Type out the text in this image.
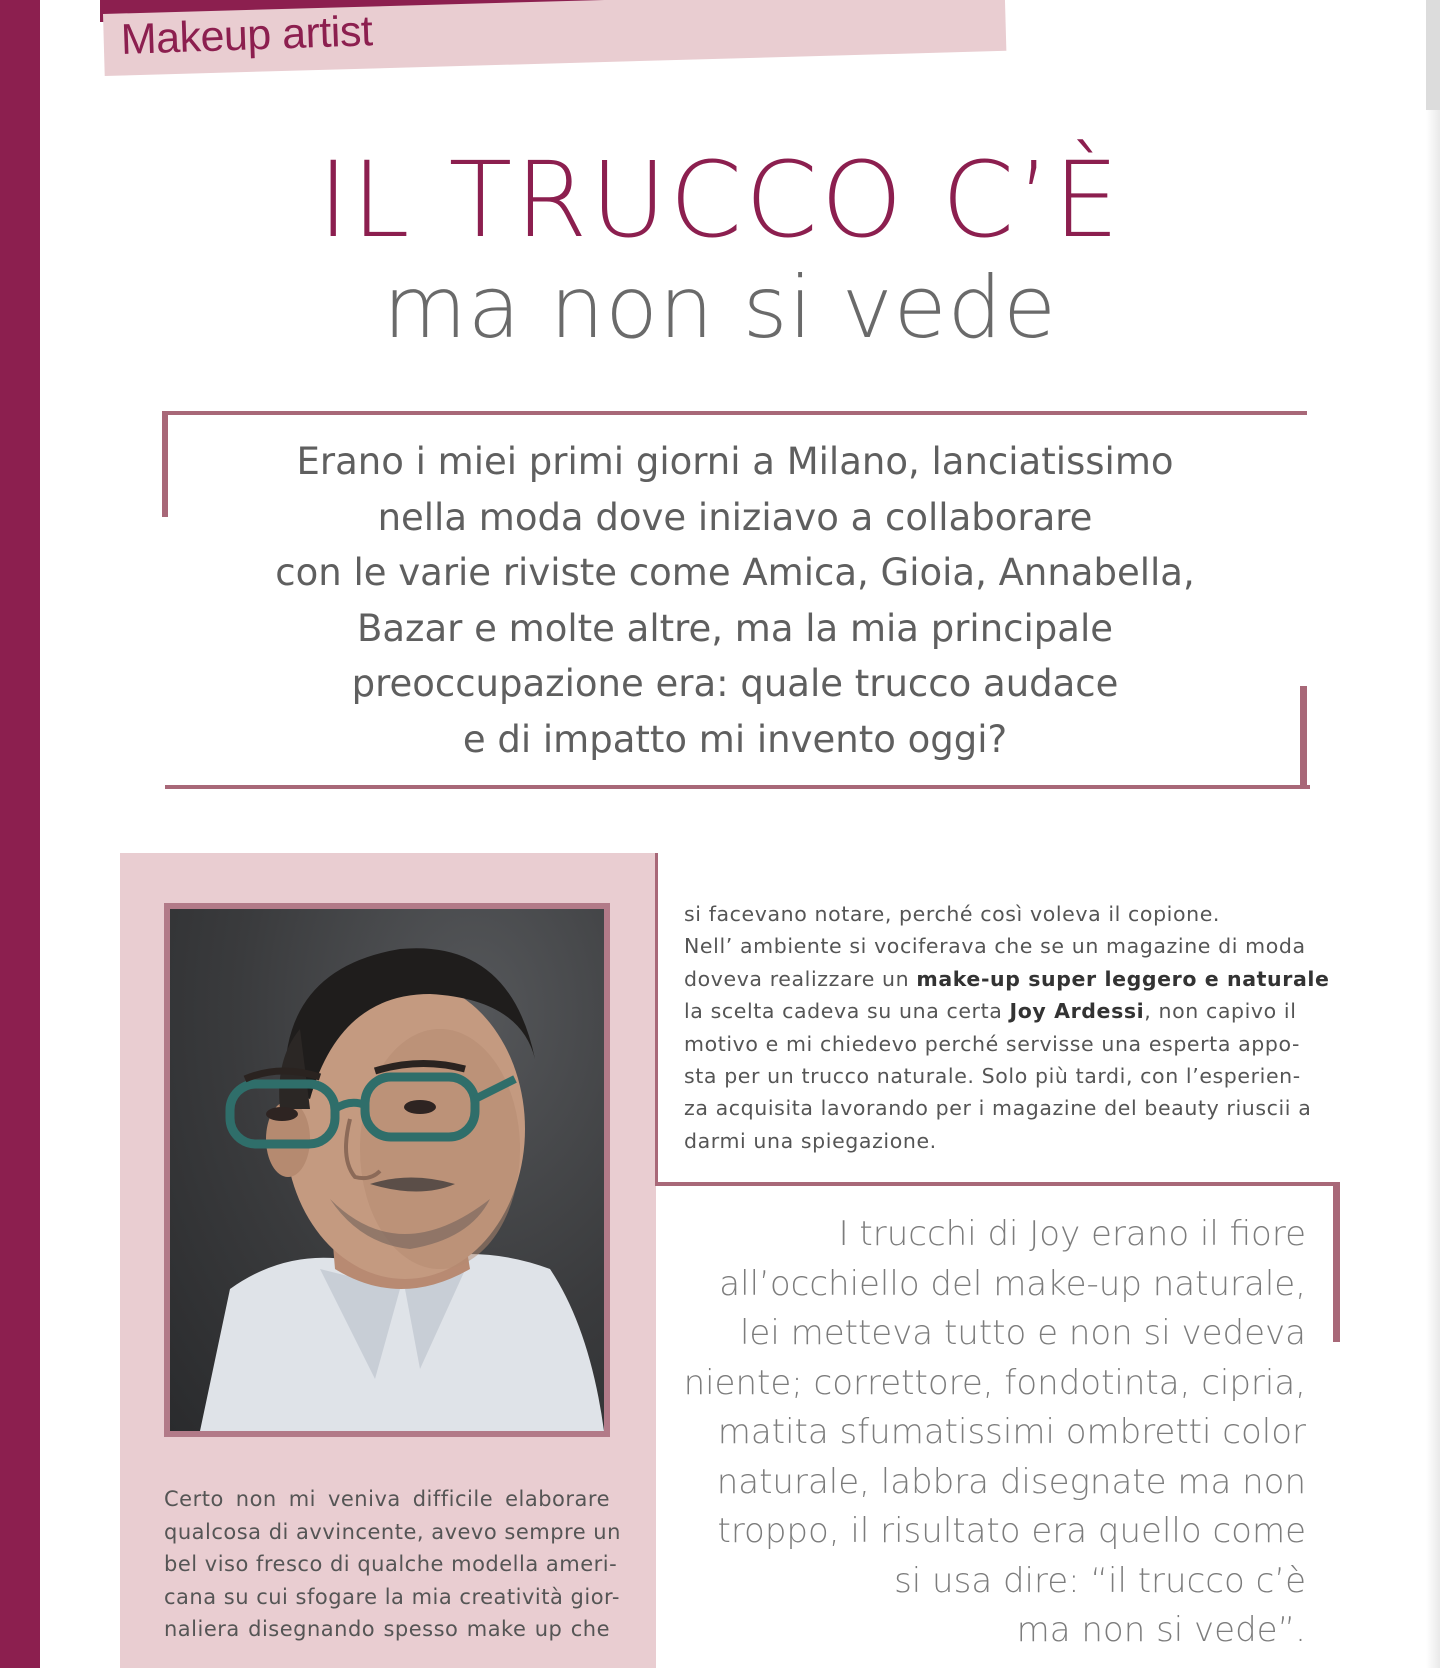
Makeup artist
IL TRUCCO C’È
ma non si vede
Erano i miei primi giorni a Milano, lanciatissimo
nella moda dove iniziavo a collaborare
con le varie riviste come Amica, Gioia, Annabella,
Bazar e molte altre, ma la mia principale
preoccupazione era: quale trucco audace
e di impatto mi invento oggi?
Certo non mi veniva difficile elaborare
qualcosa di avvincente, avevo sempre un
bel viso fresco di qualche modella ameri-
cana su cui sfogare la mia creatività gior-
naliera disegnando spesso make up che
si facevano notare, perché così voleva il copione.
Nell’ ambiente si vociferava che se un magazine di moda
doveva realizzare un make-up super leggero e naturale
la scelta cadeva su una certa Joy Ardessi, non capivo il
motivo e mi chiedevo perché servisse una esperta appo-
sta per un trucco naturale. Solo più tardi, con l’esperien-
za acquisita lavorando per i magazine del beauty riuscii a
darmi una spiegazione.
I trucchi di Joy erano il fiore
all’occhiello del make-up naturale,
lei metteva tutto e non si vedeva
niente; correttore, fondotinta, cipria,
matita sfumatissimi ombretti color
naturale, labbra disegnate ma non
troppo, il risultato era quello come
si usa dire: “il trucco c’è
ma non si vede”.
